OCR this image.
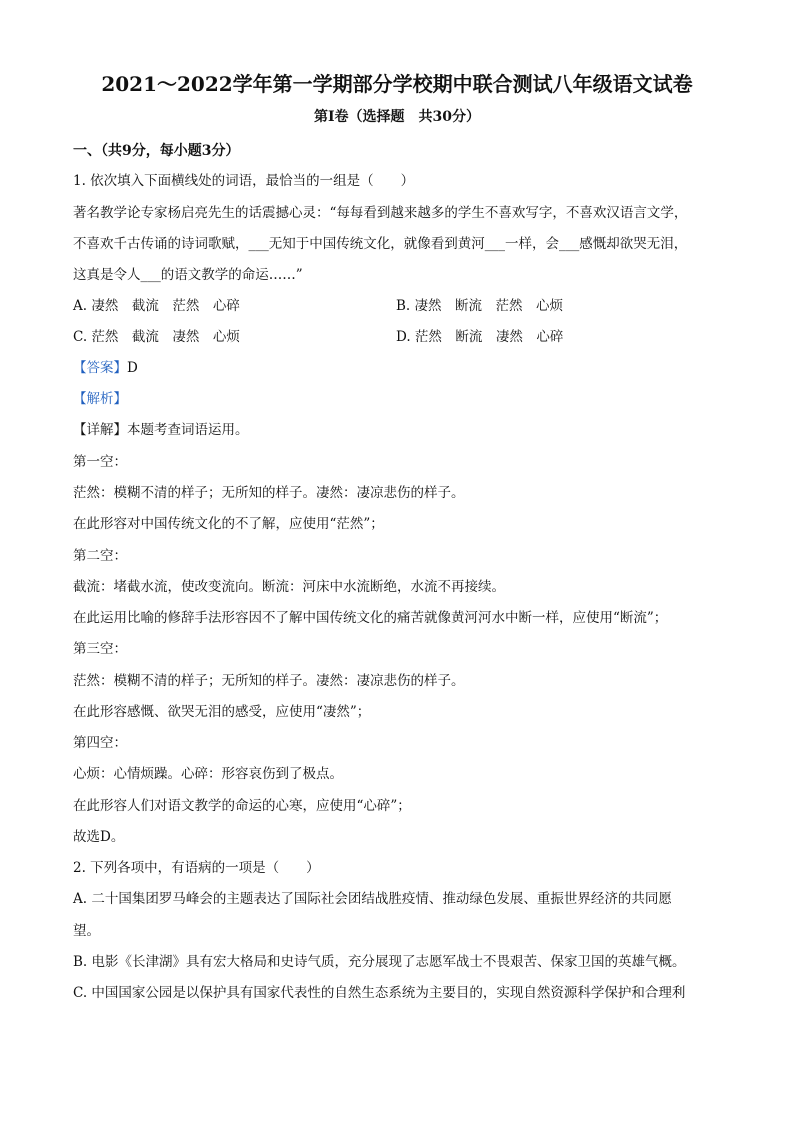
2021～2022学年第一学期部分学校期中联合测试八年级语文试卷
第Ⅰ卷（选择题　共30分）
一、（共9分，每小题3分）
1. 依次填入下面横线处的词语，最恰当的一组是（　　）
著名教学论专家杨启亮先生的话震撼心灵：“每每看到越来越多的学生不喜欢写字，不喜欢汉语言文学，
不喜欢千古传诵的诗词歌赋，___无知于中国传统文化，就像看到黄河___一样，会___感慨却欲哭无泪，
这真是令人___的语文教学的命运……”
A. 凄然　截流　茫然　心碎	B. 凄然　断流　茫然　心烦
C. 茫然　截流　凄然　心烦	D. 茫然　断流　凄然　心碎
【答案】D
【解析】
【详解】本题考查词语运用。
第一空：
茫然：模糊不清的样子；无所知的样子。凄然：凄凉悲伤的样子。
在此形容对中国传统文化的不了解，应使用“茫然”；
第二空：
截流：堵截水流，使改变流向。断流：河床中水流断绝，水流不再接续。
在此运用比喻的修辞手法形容因不了解中国传统文化的痛苦就像黄河河水中断一样，应使用“断流”；
第三空：
茫然：模糊不清的样子；无所知的样子。凄然：凄凉悲伤的样子。
在此形容感慨、欲哭无泪的感受，应使用“凄然”；
第四空：
心烦：心情烦躁。心碎：形容哀伤到了极点。
在此形容人们对语文教学的命运的心寒，应使用“心碎”；
故选D。
2. 下列各项中，有语病的一项是（　　）
A. 二十国集团罗马峰会的主题表达了国际社会团结战胜疫情、推动绿色发展、重振世界经济的共同愿
望。
B. 电影《长津湖》具有宏大格局和史诗气质，充分展现了志愿军战士不畏艰苦、保家卫国的英雄气概。
C. 中国国家公园是以保护具有国家代表性的自然生态系统为主要目的，实现自然资源科学保护和合理利
